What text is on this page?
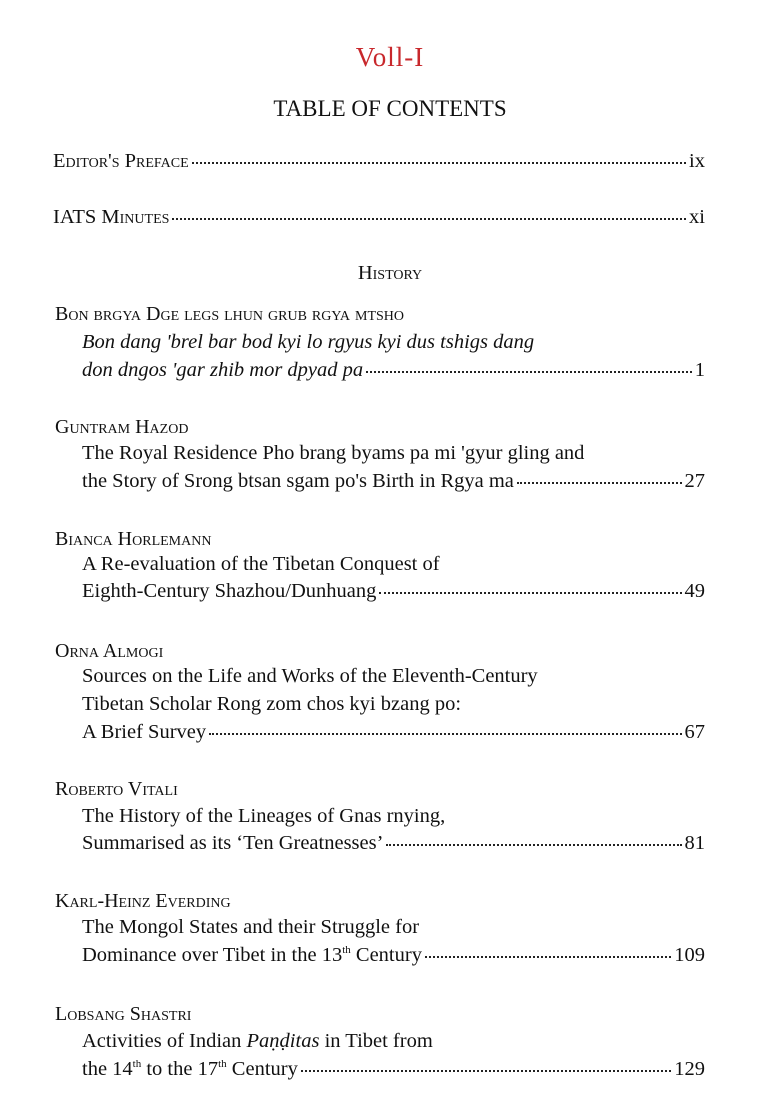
Voll-I
TABLE OF CONTENTS
Editor's Preface	ix
IATS Minutes	xi
History
Bon brgya Dge legs lhun grub rgya mtsho
Bon dang 'brel bar bod kyi lo rgyus kyi dus tshigs dang
don dngos 'gar zhib mor dpyad pa	1
Guntram Hazod
The Royal Residence Pho brang byams pa mi 'gyur gling and
the Story of Srong btsan sgam po's Birth in Rgya ma	27
Bianca Horlemann
A Re-evaluation of the Tibetan Conquest of
Eighth-Century Shazhou/Dunhuang	49
Orna Almogi
Sources on the Life and Works of the Eleventh-Century
Tibetan Scholar Rong zom chos kyi bzang po:
A Brief Survey	67
Roberto Vitali
The History of the Lineages of Gnas rnying,
Summarised as its ‘Ten Greatnesses’	81
Karl-Heinz Everding
The Mongol States and their Struggle for
Dominance over Tibet in the 13th Century	109
Lobsang Shastri
Activities of Indian Paṇḍitas in Tibet from
the 14th to the 17th Century	129
